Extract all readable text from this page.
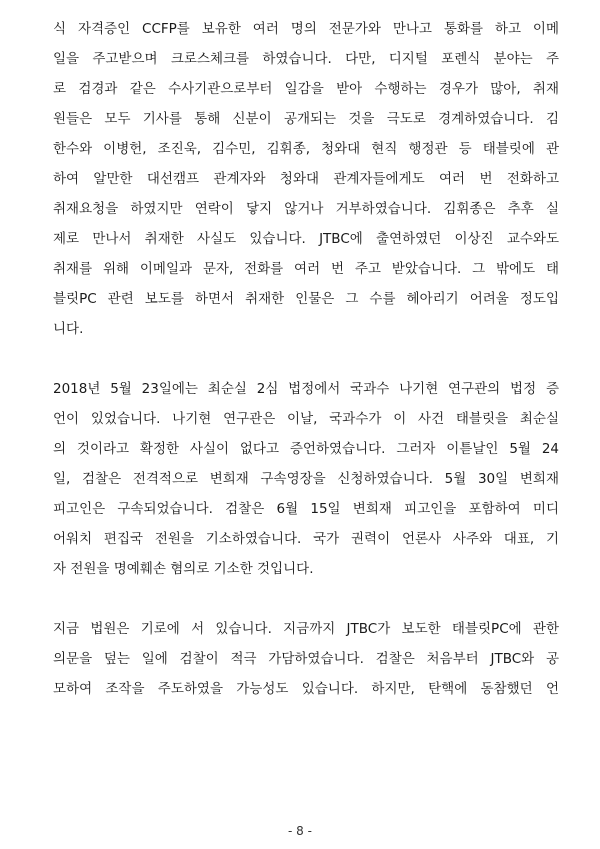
식 자격증인 CCFP를 보유한 여러 명의 전문가와 만나고 통화를 하고 이메
일을 주고받으며 크로스체크를 하였습니다. 다만, 디지털 포렌식 분야는 주
로 검경과 같은 수사기관으로부터 일감을 받아 수행하는 경우가 많아, 취재
원들은 모두 기사를 통해 신분이 공개되는 것을 극도로 경계하였습니다. 김
한수와 이병헌, 조진욱, 김수민, 김휘종, 청와대 현직 행정관 등 태블릿에 관
하여 알만한 대선캠프 관계자와 청와대 관계자들에게도 여러 번 전화하고
취재요청을 하였지만 연락이 닿지 않거나 거부하였습니다. 김휘종은 추후 실
제로 만나서 취재한 사실도 있습니다. JTBC에 출연하였던 이상진 교수와도
취재를 위해 이메일과 문자, 전화를 여러 번 주고 받았습니다. 그 밖에도 태
블릿PC 관련 보도를 하면서 취재한 인물은 그 수를 헤아리기 어려울 정도입
니다.
2018년 5월 23일에는 최순실 2심 법정에서 국과수 나기현 연구관의 법정 증
언이 있었습니다. 나기현 연구관은 이날, 국과수가 이 사건 태블릿을 최순실
의 것이라고 확정한 사실이 없다고 증언하였습니다. 그러자 이튿날인 5월 24
일, 검찰은 전격적으로 변희재 구속영장을 신청하였습니다. 5월 30일 변희재
피고인은 구속되었습니다. 검찰은 6월 15일 변희재 피고인을 포함하여 미디
어워치 편집국 전원을 기소하였습니다. 국가 권력이 언론사 사주와 대표, 기
자 전원을 명예훼손 혐의로 기소한 것입니다.
지금 법원은 기로에 서 있습니다. 지금까지 JTBC가 보도한 태블릿PC에 관한
의문을 덮는 일에 검찰이 적극 가담하였습니다. 검찰은 처음부터 JTBC와 공
모하여 조작을 주도하였을 가능성도 있습니다. 하지만, 탄핵에 동참했던 언
- 8 -
